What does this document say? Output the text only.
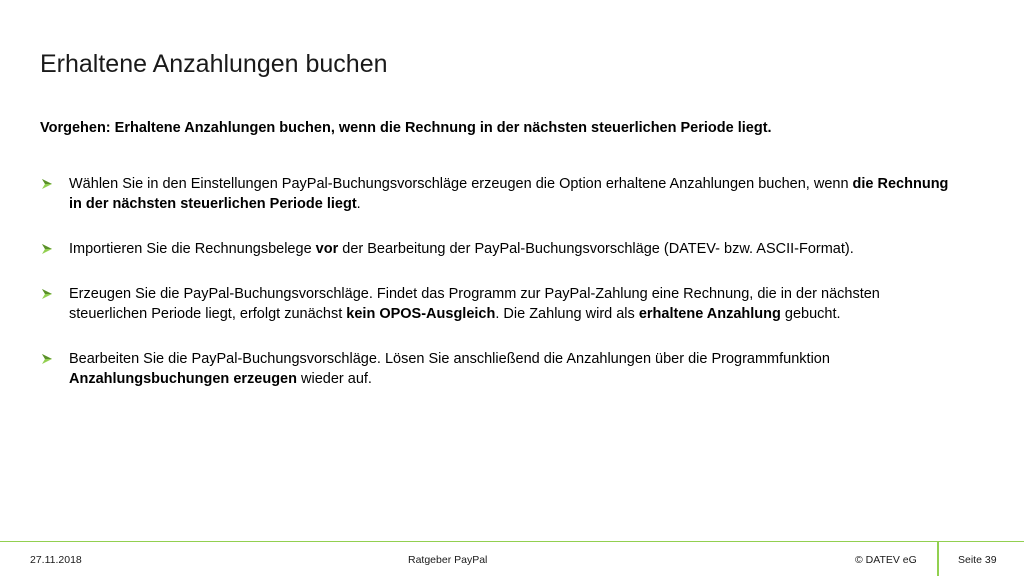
Erhaltene Anzahlungen buchen
Vorgehen: Erhaltene Anzahlungen buchen, wenn die Rechnung in der nächsten steuerlichen Periode liegt.
Wählen Sie in den Einstellungen PayPal-Buchungsvorschläge erzeugen die Option erhaltene Anzahlungen buchen, wenn die Rechnung in der nächsten steuerlichen Periode liegt.
Importieren Sie die Rechnungsbelege vor der Bearbeitung der PayPal-Buchungsvorschläge (DATEV- bzw. ASCII-Format).
Erzeugen Sie die PayPal-Buchungsvorschläge. Findet das Programm zur PayPal-Zahlung eine Rechnung, die in der nächsten steuerlichen Periode liegt, erfolgt zunächst kein OPOS-Ausgleich. Die Zahlung wird als erhaltene Anzahlung gebucht.
Bearbeiten Sie die PayPal-Buchungsvorschläge. Lösen Sie anschließend die Anzahlungen über die Programmfunktion Anzahlungsbuchungen erzeugen wieder auf.
27.11.2018	Ratgeber PayPal	© DATEV eG	Seite 39
